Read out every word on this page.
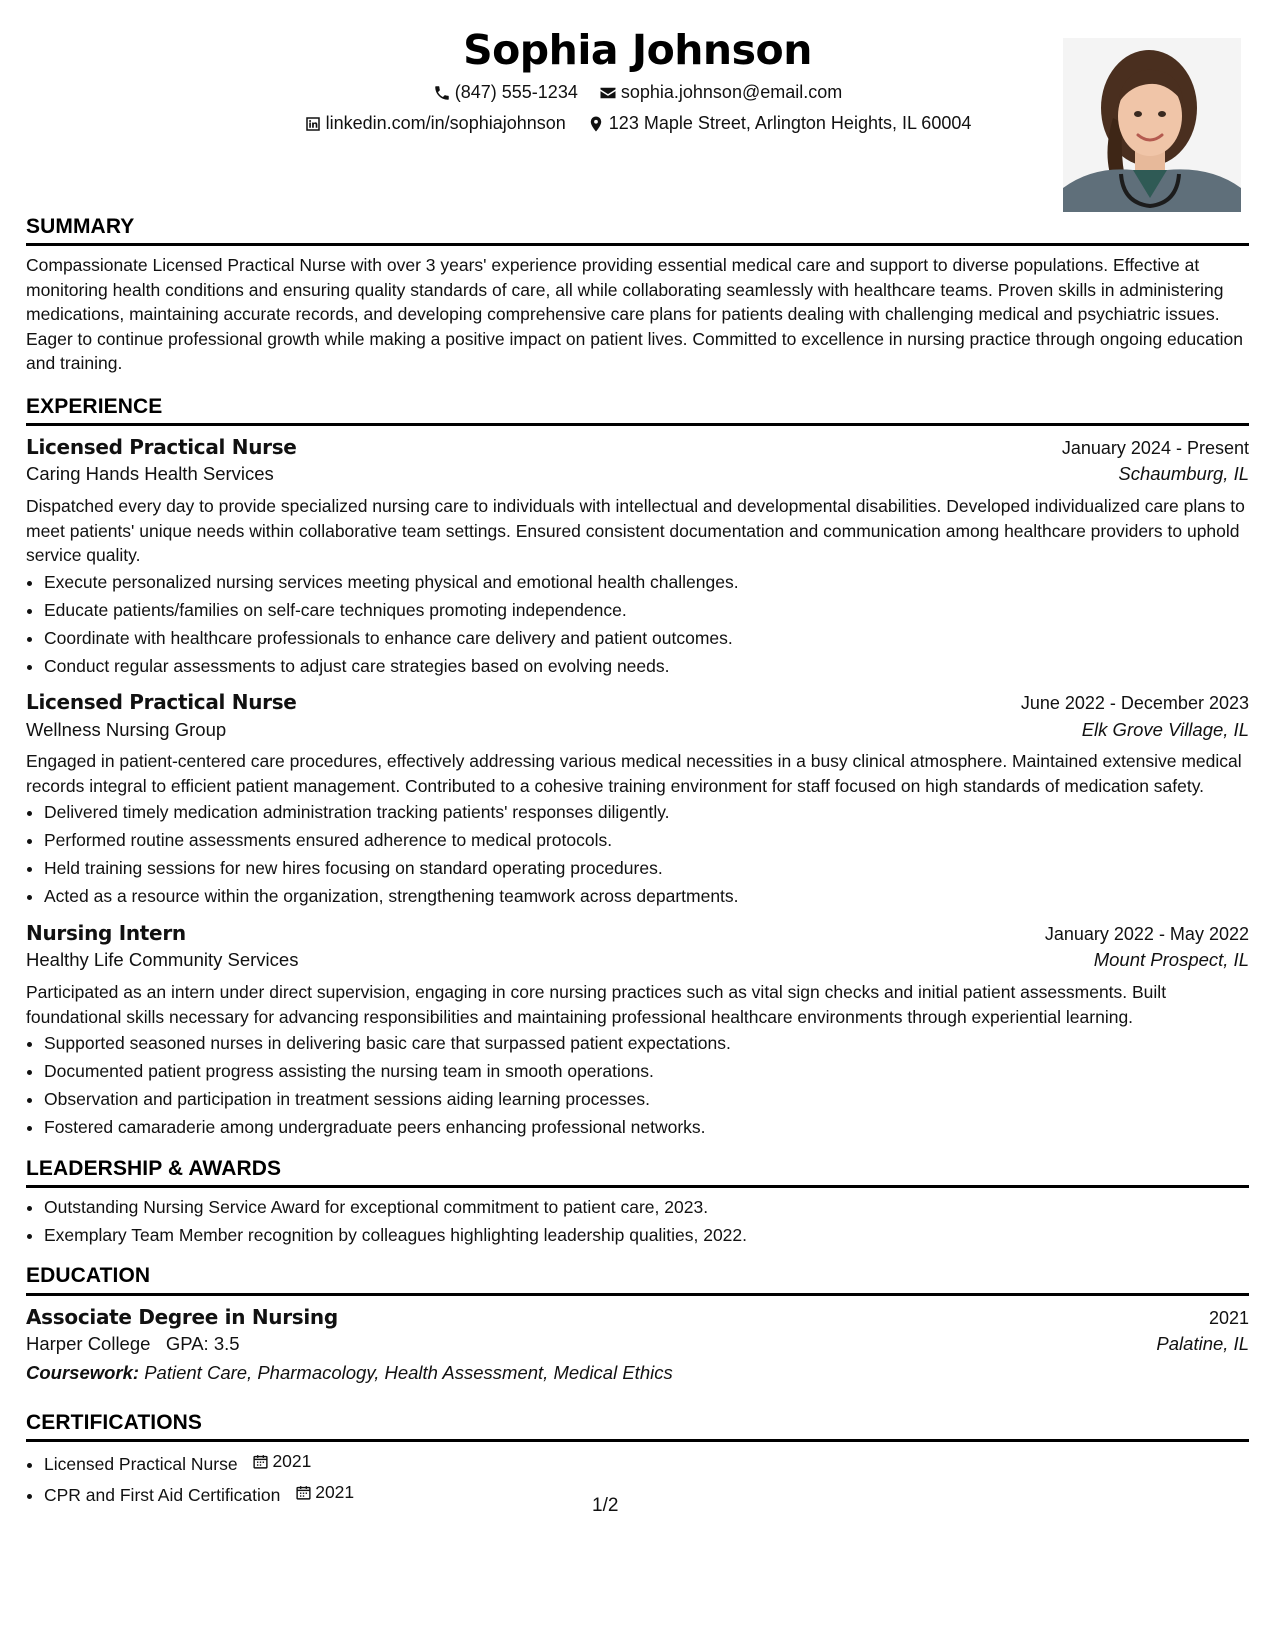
Sophia Johnson
(847) 555-1234
sophia.johnson@email.com
linkedin.com/in/sophiajohnson
123 Maple Street, Arlington Heights, IL 60004
SUMMARY

Compassionate Licensed Practical Nurse with over 3 years' experience providing essential medical care and support to diverse populations. Effective at monitoring health conditions and ensuring quality standards of care, all while collaborating seamlessly with healthcare teams. Proven skills in administering medications, maintaining accurate records, and developing comprehensive care plans for patients dealing with challenging medical and psychiatric issues. Eager to continue professional growth while making a positive impact on patient lives. Committed to excellence in nursing practice through ongoing education and training.

EXPERIENCE
Licensed Practical Nurse	January 2024 - Present
Caring Hands Health Services	Schaumburg, IL

Dispatched every day to provide specialized nursing care to individuals with intellectual and developmental disabilities. Developed individualized care plans to meet patients' unique needs within collaborative team settings. Ensured consistent documentation and communication among healthcare providers to uphold service quality.

• Execute personalized nursing services meeting physical and emotional health challenges.
• Educate patients/families on self-care techniques promoting independence.
• Coordinate with healthcare professionals to enhance care delivery and patient outcomes.
• Conduct regular assessments to adjust care strategies based on evolving needs.
Licensed Practical Nurse	June 2022 - December 2023
Wellness Nursing Group	Elk Grove Village, IL

Engaged in patient-centered care procedures, effectively addressing various medical necessities in a busy clinical atmosphere. Maintained extensive medical records integral to efficient patient management. Contributed to a cohesive training environment for staff focused on high standards of medication safety.

• Delivered timely medication administration tracking patients' responses diligently.
• Performed routine assessments ensured adherence to medical protocols.
• Held training sessions for new hires focusing on standard operating procedures.
• Acted as a resource within the organization, strengthening teamwork across departments.
Nursing Intern	January 2022 - May 2022
Healthy Life Community Services	Mount Prospect, IL

Participated as an intern under direct supervision, engaging in core nursing practices such as vital sign checks and initial patient assessments. Built foundational skills necessary for advancing responsibilities and maintaining professional healthcare environments through experiential learning.

• Supported seasoned nurses in delivering basic care that surpassed patient expectations.
• Documented patient progress assisting the nursing team in smooth operations.
• Observation and participation in treatment sessions aiding learning processes.
• Fostered camaraderie among undergraduate peers enhancing professional networks.
LEADERSHIP & AWARDS
• Outstanding Nursing Service Award for exceptional commitment to patient care, 2023.
• Exemplary Team Member recognition by colleagues highlighting leadership qualities, 2022.
EDUCATION
Associate Degree in Nursing	2021
Harper College GPA: 3.5	Palatine, IL
Coursework: Patient Care, Pharmacology, Health Assessment, Medical Ethics
CERTIFICATIONS
• Licensed Practical Nurse 2021
• CPR and First Aid Certification 2021
1/2
